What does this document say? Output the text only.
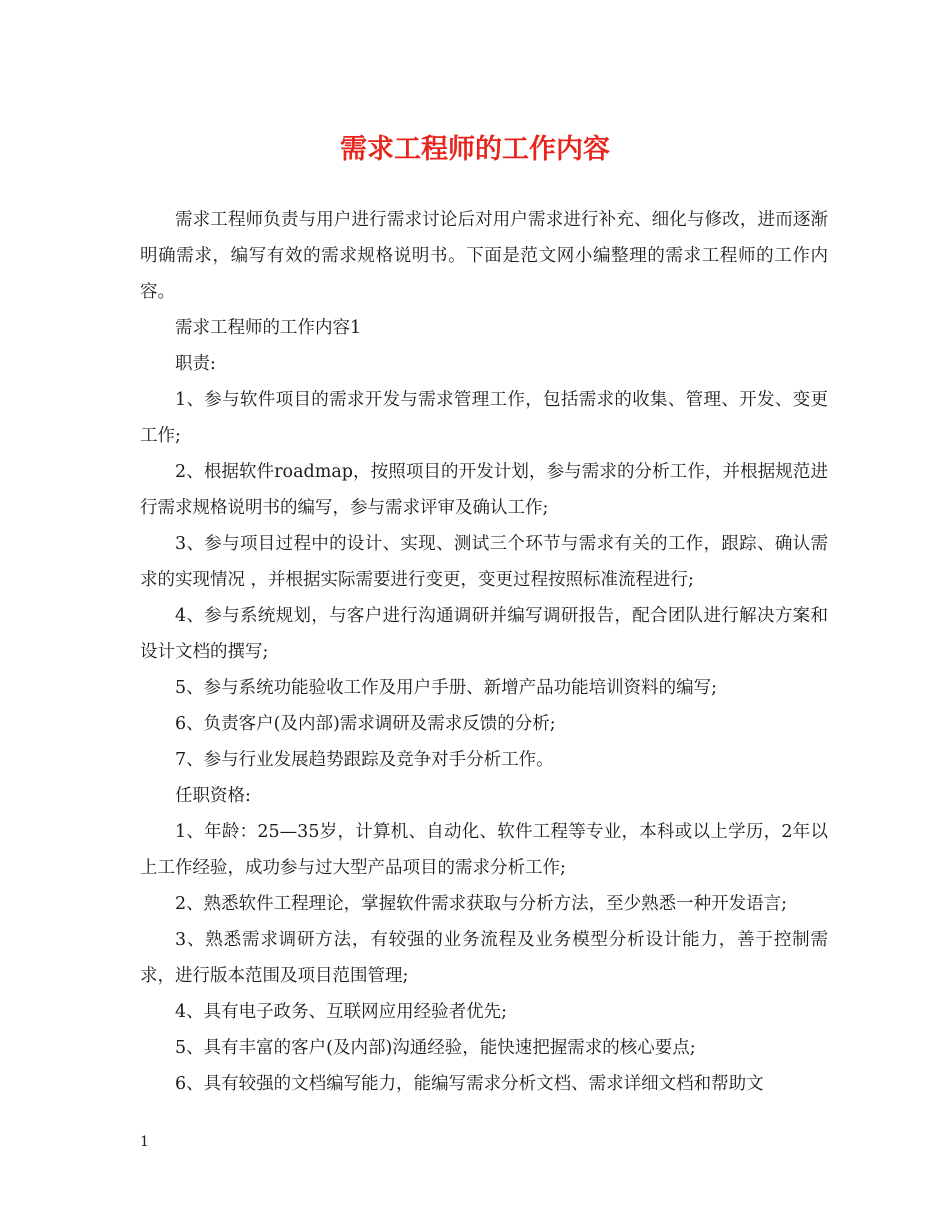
需求工程师的工作内容

需求工程师负责与用户进行需求讨论后对用户需求进行补充、细化与修改，进而逐渐明确需求，编写有效的需求规格说明书。下面是范文网小编整理的需求工程师的工作内容。

需求工程师的工作内容1

职责:

1、参与软件项目的需求开发与需求管理工作，包括需求的收集、管理、开发、变更工作;

2、根据软件roadmap，按照项目的开发计划，参与需求的分析工作，并根据规范进行需求规格说明书的编写，参与需求评审及确认工作;

3、参与项目过程中的设计、实现、测试三个环节与需求有关的工作，跟踪、确认需求的实现情况 ，并根据实际需要进行变更，变更过程按照标准流程进行;

4、参与系统规划，与客户进行沟通调研并编写调研报告，配合团队进行解决方案和设计文档的撰写;

5、参与系统功能验收工作及用户手册、新增产品功能培训资料的编写;

6、负责客户(及内部)需求调研及需求反馈的分析;

7、参与行业发展趋势跟踪及竞争对手分析工作。

任职资格:

1、年龄：25—35岁，计算机、自动化、软件工程等专业，本科或以上学历，2年以上工作经验，成功参与过大型产品项目的需求分析工作;

2、熟悉软件工程理论，掌握软件需求获取与分析方法，至少熟悉一种开发语言;

3、熟悉需求调研方法，有较强的业务流程及业务模型分析设计能力，善于控制需求，进行版本范围及项目范围管理;

4、具有电子政务、互联网应用经验者优先;

5、具有丰富的客户(及内部)沟通经验，能快速把握需求的核心要点;

6、具有较强的文档编写能力，能编写需求分析文档、需求详细文档和帮助文

1
